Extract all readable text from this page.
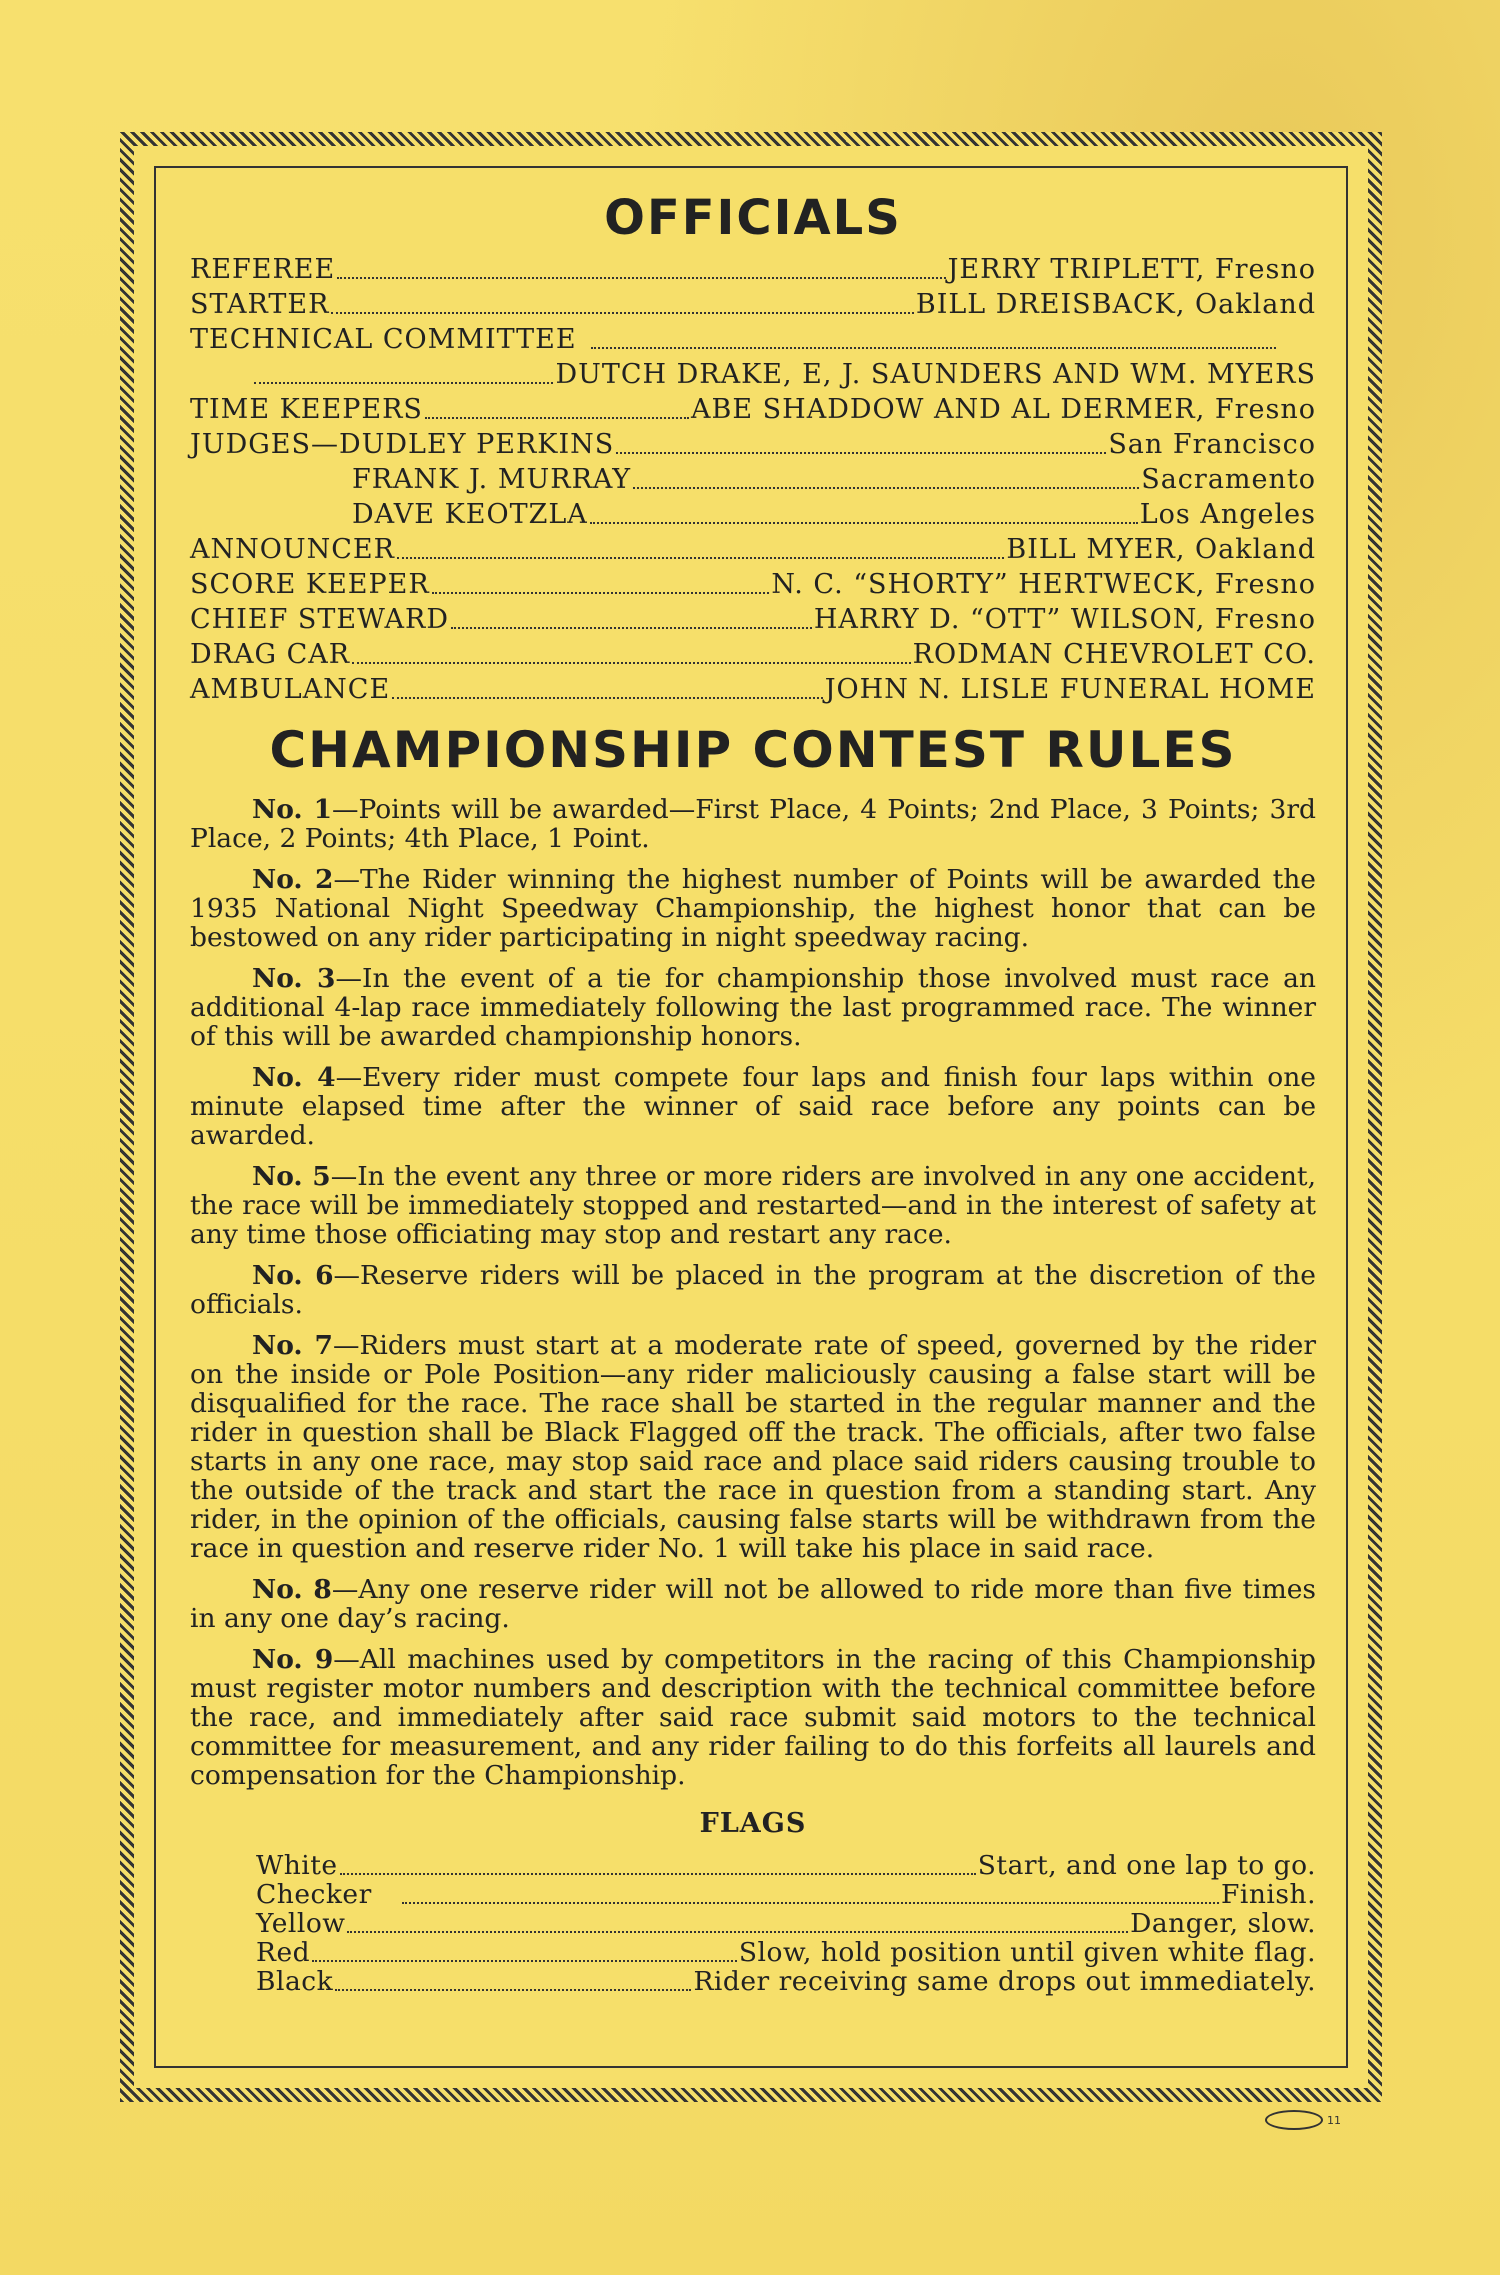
OFFICIALS
REFEREE	JERRY TRIPLETT, Fresno
STARTER	BILL DREISBACK, Oakland
TECHNICAL COMMITTEE
DUTCH DRAKE, E, J. SAUNDERS AND WM. MYERS
TIME KEEPERS	ABE SHADDOW AND AL DERMER, Fresno
JUDGES—DUDLEY PERKINS	San Francisco
FRANK J. MURRAY	Sacramento
DAVE KEOTZLA	Los Angeles
ANNOUNCER	BILL MYER, Oakland
SCORE KEEPER	N. C. “SHORTY” HERTWECK, Fresno
CHIEF STEWARD	HARRY D. “OTT” WILSON, Fresno
DRAG CAR	RODMAN CHEVROLET CO.
AMBULANCE	JOHN N. LISLE FUNERAL HOME
CHAMPIONSHIP CONTEST RULES

No. 1—Points will be awarded—First Place, 4 Points; 2nd Place, 3 Points; 3rd Place, 2 Points; 4th Place, 1 Point.

No. 2—The Rider winning the highest number of Points will be awarded the 1935 National Night Speedway Championship, the highest honor that can be bestowed on any rider participating in night speedway racing.

No. 3—In the event of a tie for championship those involved must race an additional 4-lap race immediately following the last programmed race. The winner of this will be awarded championship honors.

No. 4—Every rider must compete four laps and finish four laps within one minute elapsed time after the winner of said race before any points can be awarded.

No. 5—In the event any three or more riders are involved in any one accident, the race will be immediately stopped and restarted—and in the interest of safety at any time those officiating may stop and restart any race.

No. 6—Reserve riders will be placed in the program at the discretion of the officials.

No. 7—Riders must start at a moderate rate of speed, governed by the rider on the inside or Pole Position—any rider maliciously causing a false start will be disqualified for the race. The race shall be started in the regular manner and the rider in question shall be Black Flagged off the track. The officials, after two false starts in any one race, may stop said race and place said riders causing trouble to the outside of the track and start the race in question from a standing start. Any rider, in the opinion of the officials, causing false starts will be withdrawn from the race in question and reserve rider No. 1 will take his place in said race.

No. 8—Any one reserve rider will not be allowed to ride more than five times in any one day’s racing.

No. 9—All machines used by competitors in the racing of this Championship must register motor numbers and description with the technical committee before the race, and immediately after said race submit said motors to the technical committee for measurement, and any rider failing to do this forfeits all laurels and compensation for the Championship.

FLAGS
White	Start, and one lap to go.
Checker	Finish.
Yellow	Danger, slow.
Red	Slow, hold position until given white flag.
Black	Rider receiving same drops out immediately.
11
